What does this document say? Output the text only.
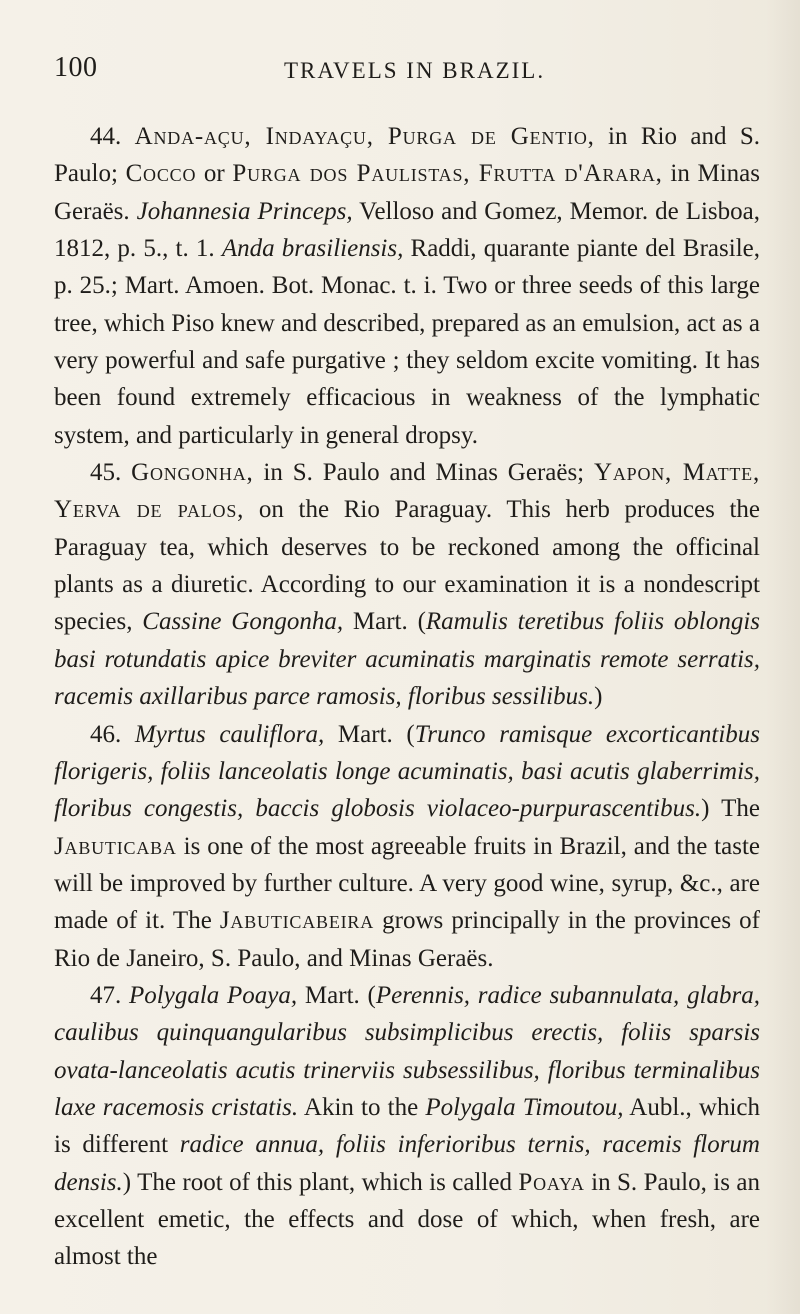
100	TRAVELS IN BRAZIL.

44. Anda-açu, Indayaçu, Purga de Gentio, in Rio and S. Paulo; Cocco or Purga dos Paulistas, Frutta d'Arara, in Minas Geraës. Johannesia Princeps, Velloso and Gomez, Memor. de Lisboa, 1812, p. 5., t. 1. Anda brasiliensis, Raddi, quarante piante del Brasile, p. 25.; Mart. Amoen. Bot. Monac. t. i. Two or three seeds of this large tree, which Piso knew and described, prepared as an emulsion, act as a very powerful and safe purgative ; they seldom excite vomiting. It has been found extremely efficacious in weakness of the lymphatic system, and particularly in general dropsy.

45. Gongonha, in S. Paulo and Minas Geraës; Yapon, Matte, Yerva de palos, on the Rio Paraguay. This herb produces the Paraguay tea, which deserves to be reckoned among the officinal plants as a diuretic. According to our examination it is a nondescript species, Cassine Gongonha, Mart. (Ramulis teretibus foliis oblongis basi rotundatis apice breviter acuminatis marginatis remote serratis, racemis axillaribus parce ramosis, floribus sessilibus.)

46. Myrtus cauliflora, Mart. (Trunco ramisque excorticantibus florigeris, foliis lanceolatis longe acuminatis, basi acutis glaberrimis, floribus congestis, baccis globosis violaceo-purpurascentibus.) The Jabuticaba is one of the most agreeable fruits in Brazil, and the taste will be improved by further culture. A very good wine, syrup, &c., are made of it. The Jabuticabeira grows principally in the provinces of Rio de Janeiro, S. Paulo, and Minas Geraës.

47. Polygala Poaya, Mart. (Perennis, radice subannulata, glabra, caulibus quinquangularibus subsimplicibus erectis, foliis sparsis ovata-lanceolatis acutis trinerviis subsessilibus, floribus terminalibus laxe racemosis cristatis. Akin to the Polygala Timoutou, Aubl., which is different radice annua, foliis inferioribus ternis, racemis florum densis.) The root of this plant, which is called Poaya in S. Paulo, is an excellent emetic, the effects and dose of which, when fresh, are almost the
